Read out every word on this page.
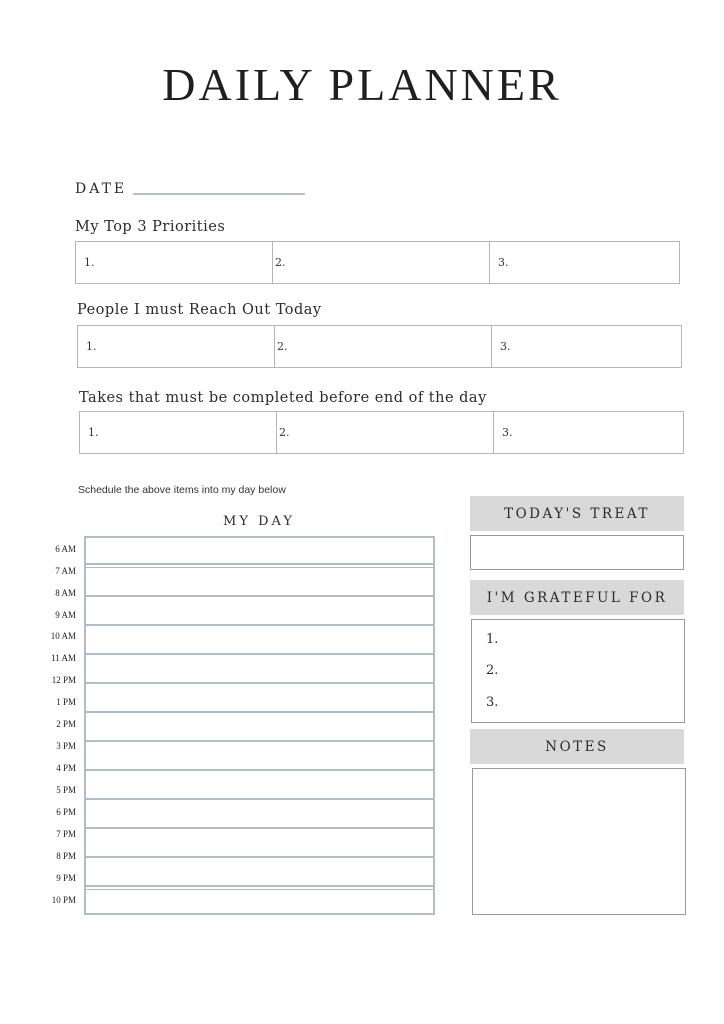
DAILY PLANNER
DATE
My Top 3 Priorities
1.	2.	3.
People I must Reach Out Today
1.	2.	3.
Takes that must be completed before end of the day
1.	2.	3.
Schedule the above items into my day below
MY DAY
6 AM
7 AM
8 AM
9 AM
10 AM
11 AM
12 PM
1 PM
2 PM
3 PM
4 PM
5 PM
6 PM
7 PM
8 PM
9 PM
10 PM
TODAY'S TREAT
I'M GRATEFUL FOR
1.
2.
3.
NOTES
